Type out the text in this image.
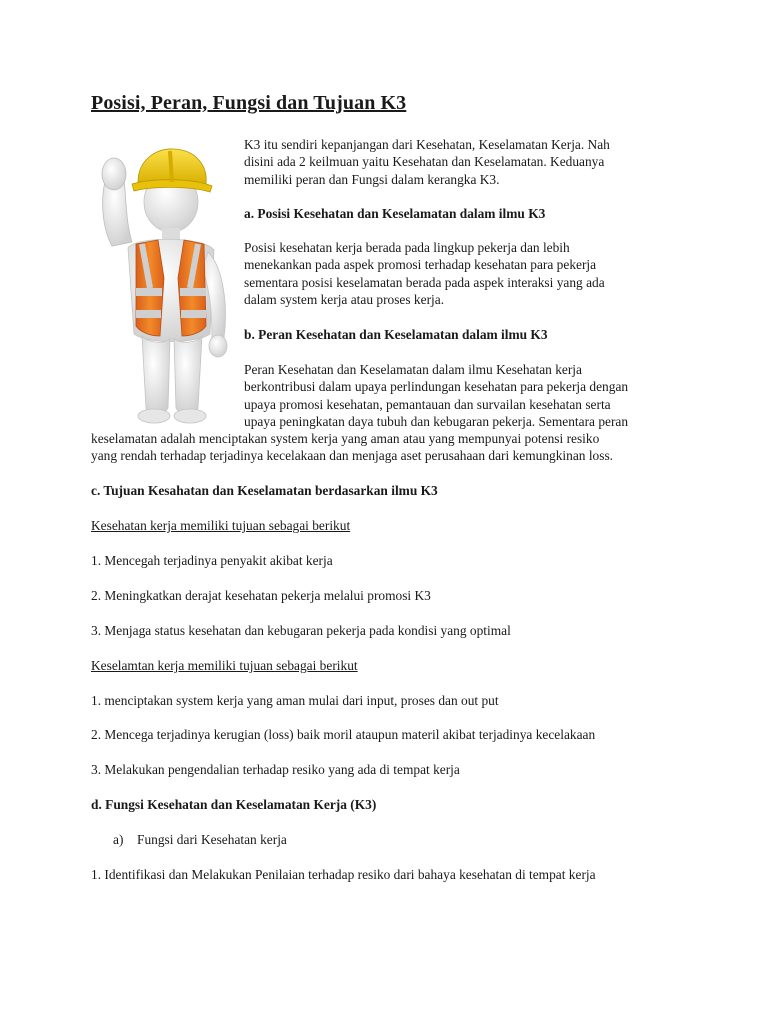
Posisi, Peran, Fungsi dan Tujuan K3

K3 itu sendiri kepanjangan dari Kesehatan, Keselamatan Kerja. Nah
disini ada 2 keilmuan yaitu Kesehatan dan Keselamatan. Keduanya
memiliki peran dan Fungsi dalam kerangka K3.

a. Posisi Kesehatan dan Keselamatan dalam ilmu K3

Posisi kesehatan kerja berada pada lingkup pekerja dan lebih
menekankan pada aspek promosi terhadap kesehatan para pekerja
sementara posisi keselamatan berada pada aspek interaksi yang ada
dalam system kerja atau proses kerja.

b. Peran Kesehatan dan Keselamatan dalam ilmu K3

Peran Kesehatan dan Keselamatan dalam ilmu Kesehatan kerja
berkontribusi dalam upaya perlindungan kesehatan para pekerja dengan
upaya promosi kesehatan, pemantauan dan survailan kesehatan serta
upaya peningkatan daya tubuh dan kebugaran pekerja. Sementara peran

keselamatan adalah menciptakan system kerja yang aman atau yang mempunyai potensi resiko
yang rendah terhadap terjadinya kecelakaan dan menjaga aset perusahaan dari kemungkinan loss.

c. Tujuan Kesahatan dan Keselamatan berdasarkan ilmu K3

Kesehatan kerja memiliki tujuan sebagai berikut

1. Mencegah terjadinya penyakit akibat kerja

2. Meningkatkan derajat kesehatan pekerja melalui promosi K3

3. Menjaga status kesehatan dan kebugaran pekerja pada kondisi yang optimal

Keselamtan kerja memiliki tujuan sebagai berikut

1. menciptakan system kerja yang aman mulai dari input, proses dan out put

2. Mencega terjadinya kerugian (loss) baik moril ataupun materil akibat terjadinya kecelakaan

3. Melakukan pengendalian terhadap resiko yang ada di tempat kerja

d. Fungsi Kesehatan dan Keselamatan Kerja (K3)

a) Fungsi dari Kesehatan kerja

1. Identifikasi dan Melakukan Penilaian terhadap resiko dari bahaya kesehatan di tempat kerja
